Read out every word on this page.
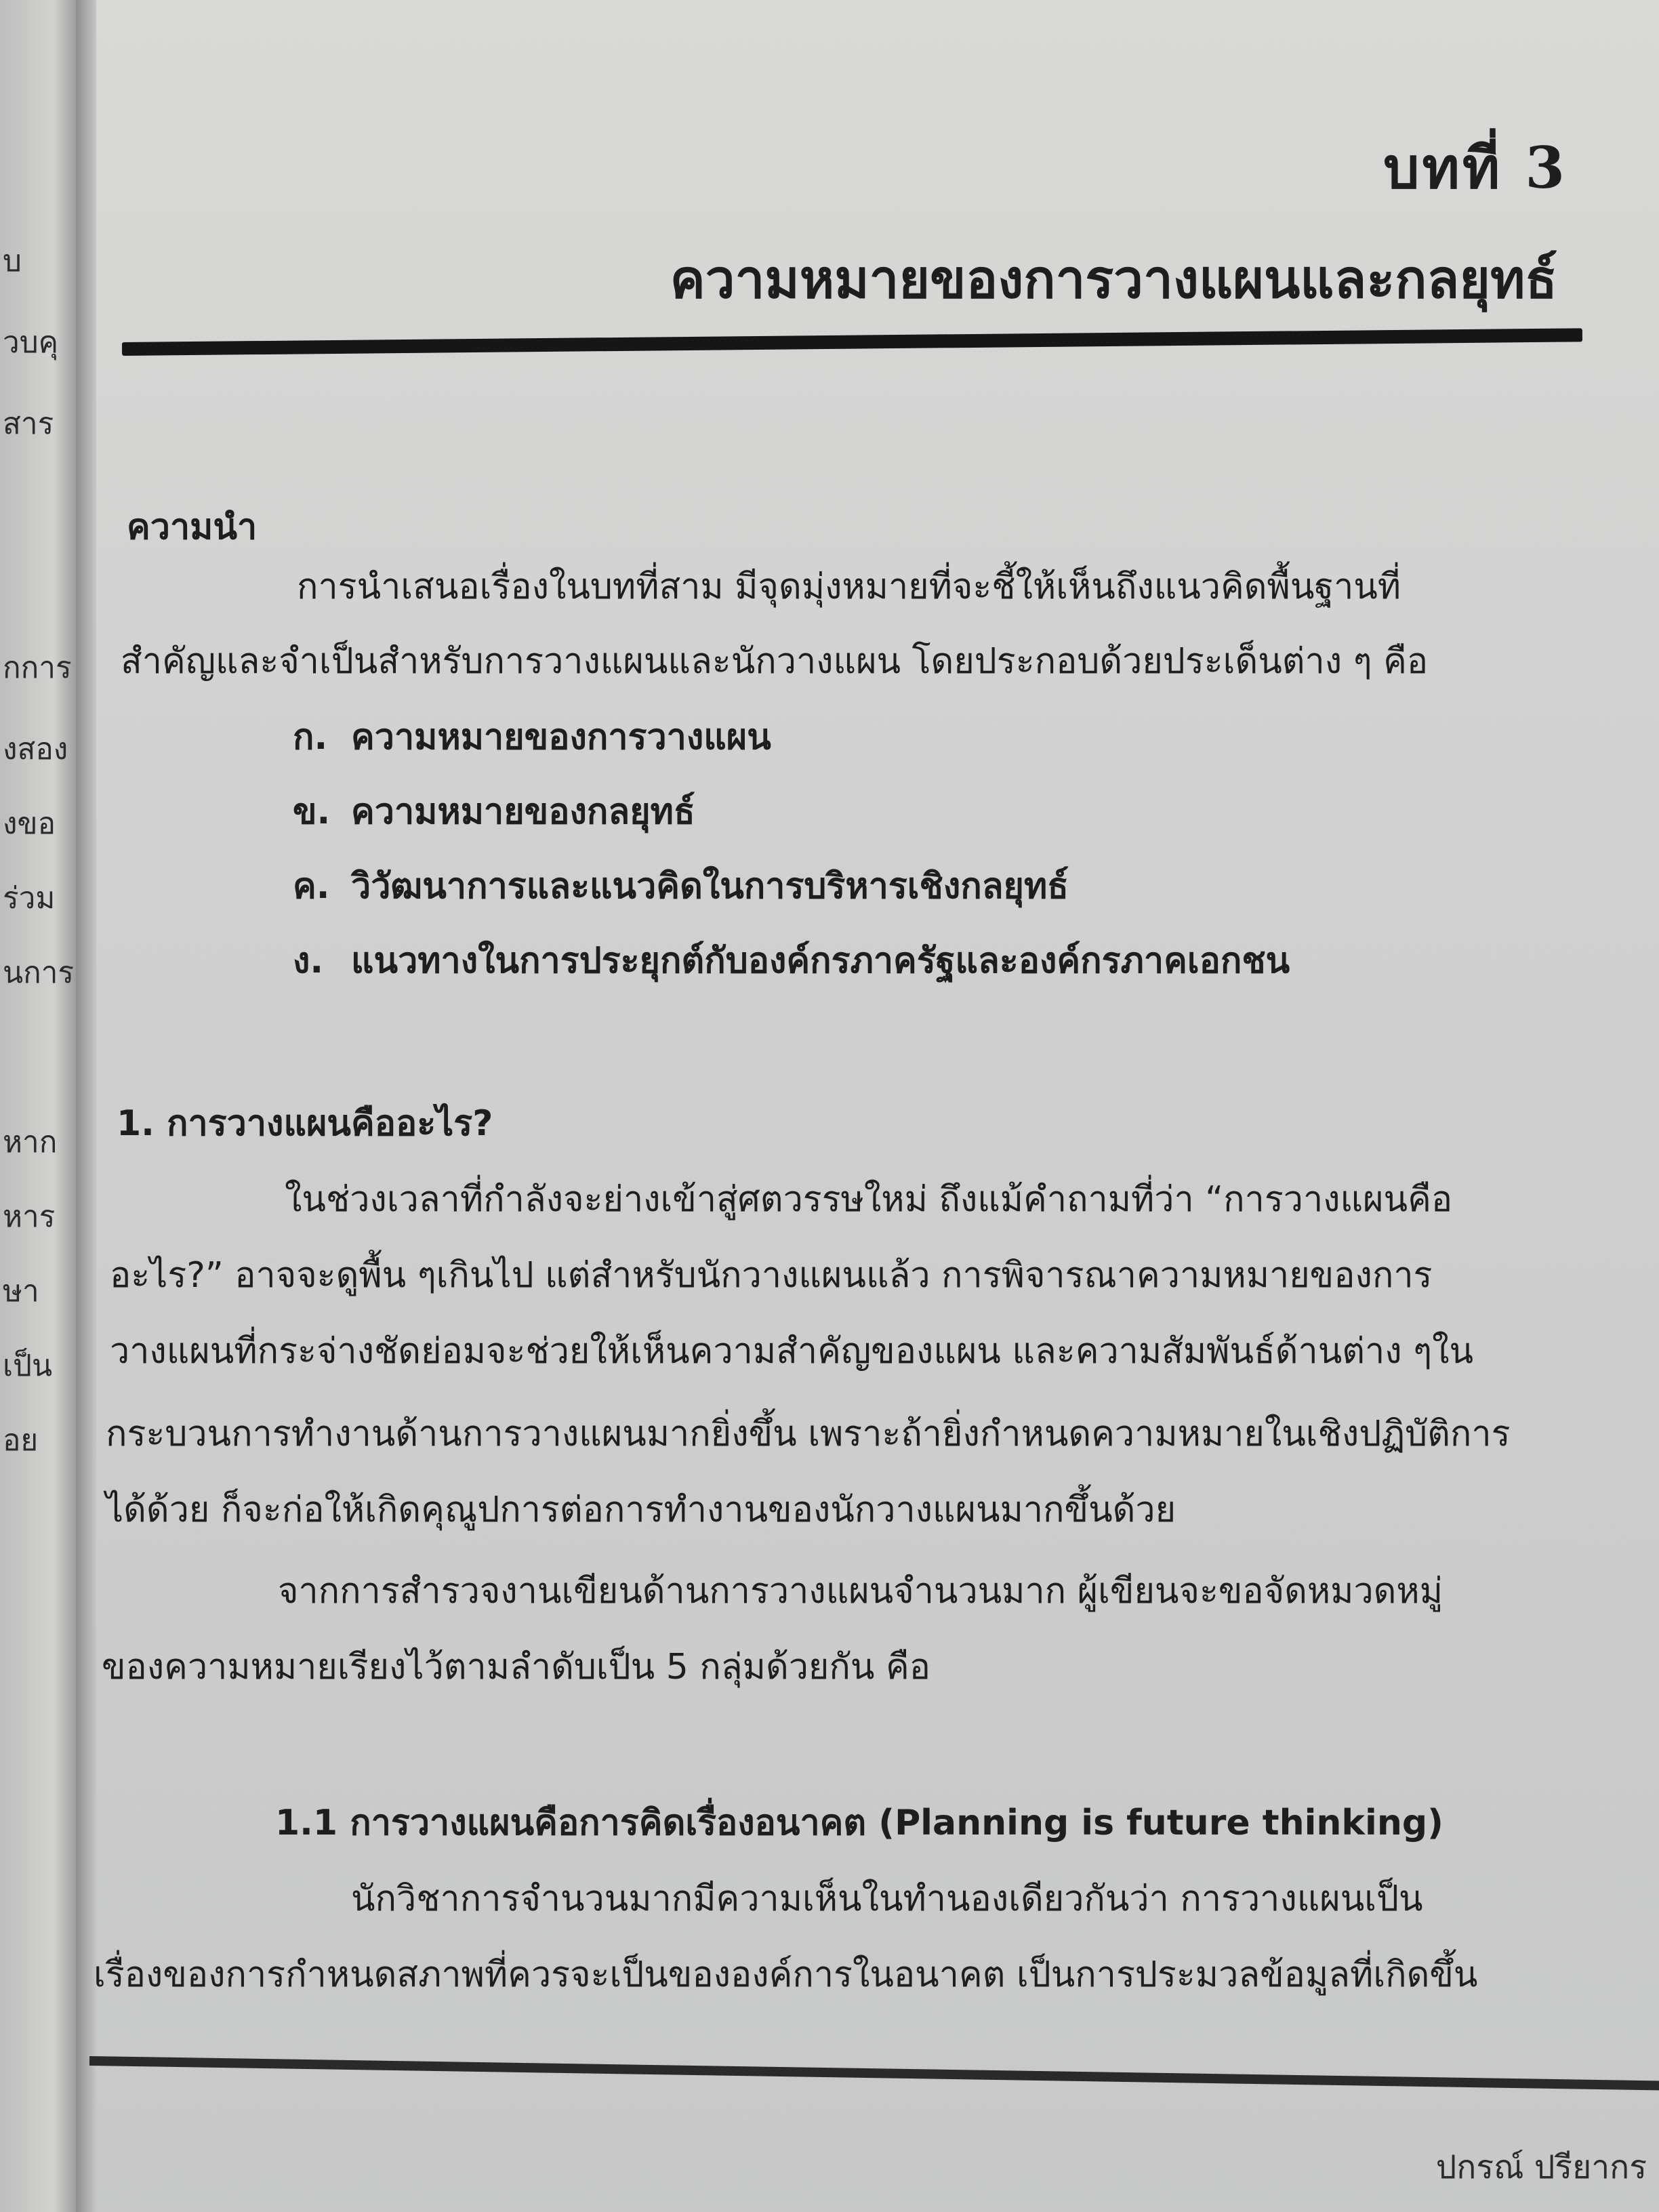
บ
วบคุ
สาร
กการ
งสอง
งขอ
ร่วม
นการ
หาก
หาร
ษา
เป็น
อย
บทที่ 3
ความหมายของการวางแผนและกลยุทธ์
ความนำ
การนำเสนอเรื่องในบทที่สาม มีจุดมุ่งหมายที่จะชี้ให้เห็นถึงแนวคิดพื้นฐานที่
สำคัญและจำเป็นสำหรับการวางแผนและนักวางแผน โดยประกอบด้วยประเด็นต่าง ๆ คือ
ก. ความหมายของการวางแผน
ข. ความหมายของกลยุทธ์
ค. วิวัฒนาการและแนวคิดในการบริหารเชิงกลยุทธ์
ง. แนวทางในการประยุกต์กับองค์กรภาครัฐและองค์กรภาคเอกชน
1. การวางแผนคืออะไร?
ในช่วงเวลาที่กำลังจะย่างเข้าสู่ศตวรรษใหม่ ถึงแม้คำถามที่ว่า “การวางแผนคือ
อะไร?” อาจจะดูพื้น ๆเกินไป แต่สำหรับนักวางแผนแล้ว การพิจารณาความหมายของการ
วางแผนที่กระจ่างชัดย่อมจะช่วยให้เห็นความสำคัญของแผน และความสัมพันธ์ด้านต่าง ๆใน
กระบวนการทำงานด้านการวางแผนมากยิ่งขึ้น เพราะถ้ายิ่งกำหนดความหมายในเชิงปฏิบัติการ
ได้ด้วย ก็จะก่อให้เกิดคุณูปการต่อการทำงานของนักวางแผนมากขึ้นด้วย
จากการสำรวจงานเขียนด้านการวางแผนจำนวนมาก ผู้เขียนจะขอจัดหมวดหมู่
ของความหมายเรียงไว้ตามลำดับเป็น 5 กลุ่มด้วยกัน คือ
1.1 การวางแผนคือการคิดเรื่องอนาคต (Planning is future thinking)
นักวิชาการจำนวนมากมีความเห็นในทำนองเดียวกันว่า การวางแผนเป็น
เรื่องของการกำหนดสภาพที่ควรจะเป็นขององค์การในอนาคต เป็นการประมวลข้อมูลที่เกิดขึ้น
ปกรณ์ ปรียากร
